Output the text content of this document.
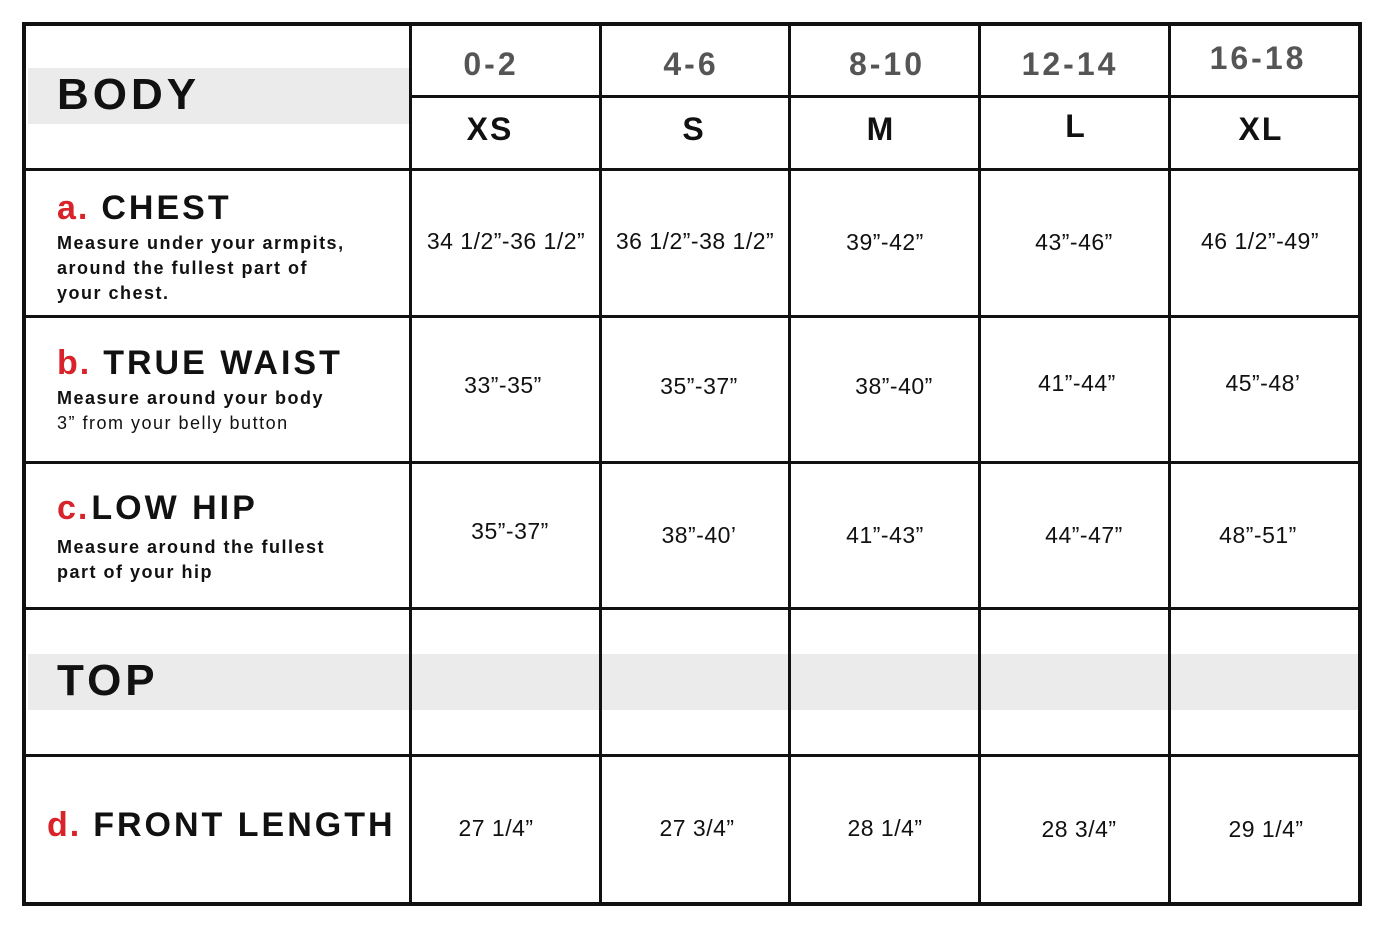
BODY
TOP
0-2	4-6	8-10	12-14	16-18
XS	S	M	L	XL
a. CHEST
Measure under your armpits,
around the fullest part of
your chest.
34 1/2”-36 1/2”	36 1/2”-38 1/2”	39”-42”	43”-46”	46 1/2”-49”
b. TRUE WAIST
Measure around your body
3” from your belly button
33”-35”	35”-37”	38”-40”	41”-44”	45”-48’
c.LOW HIP
Measure around the fullest
part of your hip
35”-37”	38”-40’	41”-43”	44”-47”	48”-51”
d. FRONT LENGTH	27 1/4”	27 3/4”	28 1/4”	28 3/4”	29 1/4”
